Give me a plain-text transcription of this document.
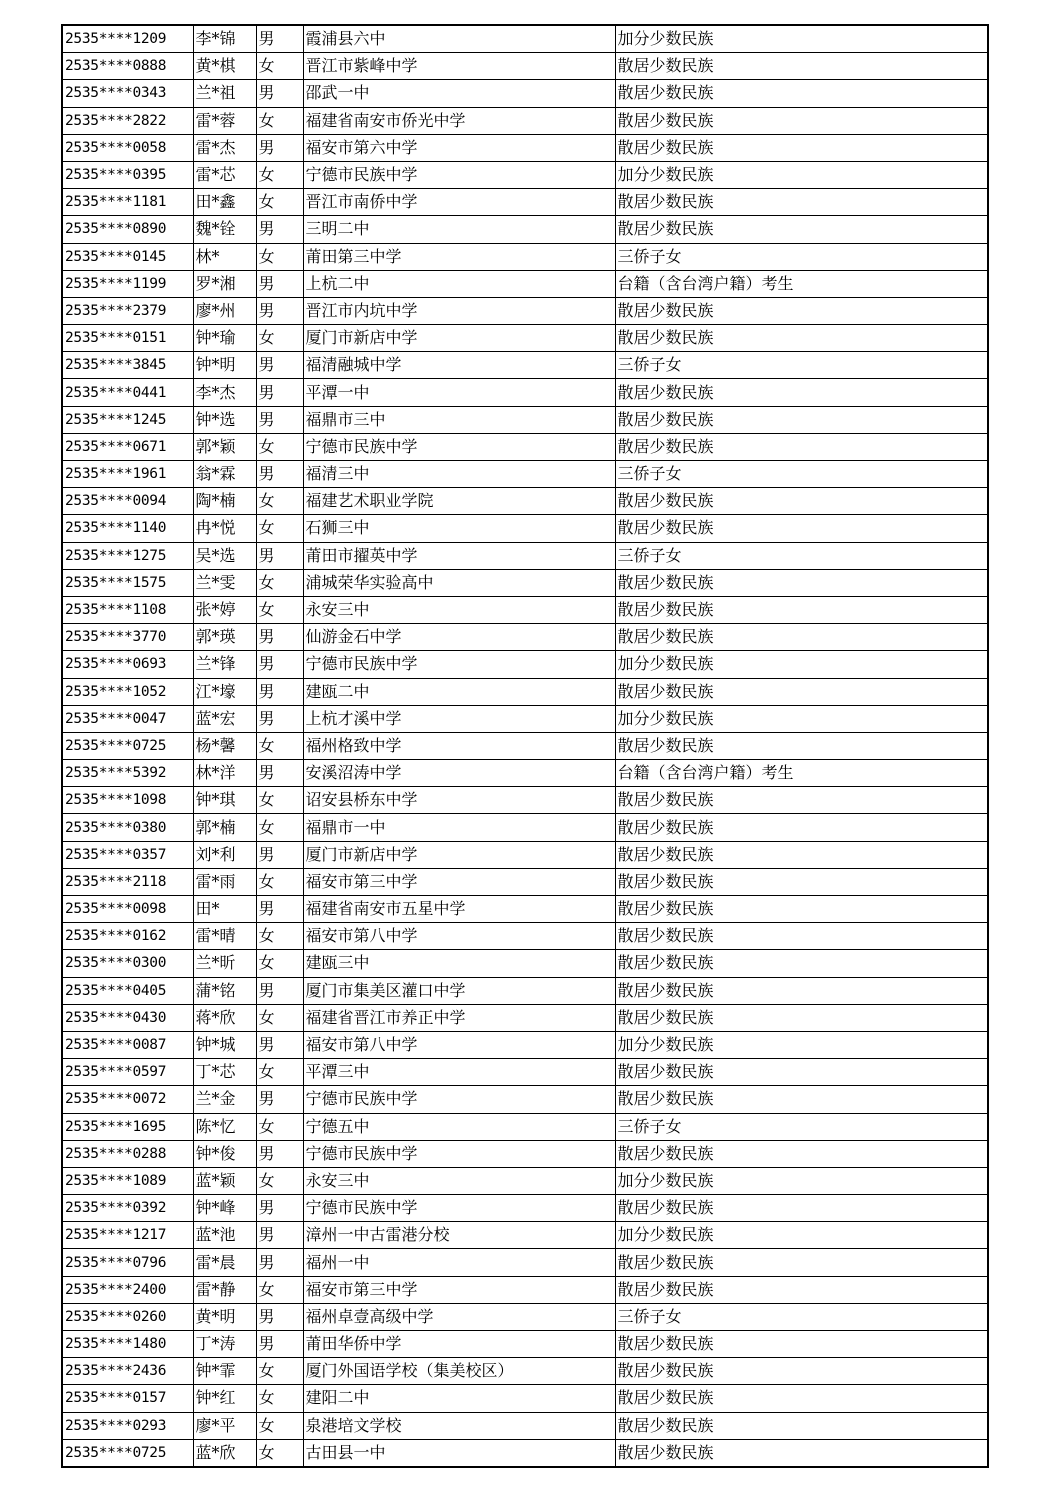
2535****1209	李*锦	男	霞浦县六中	加分少数民族
2535****0888	黄*棋	女	晋江市紫峰中学	散居少数民族
2535****0343	兰*祖	男	邵武一中	散居少数民族
2535****2822	雷*蓉	女	福建省南安市侨光中学	散居少数民族
2535****0058	雷*杰	男	福安市第六中学	散居少数民族
2535****0395	雷*芯	女	宁德市民族中学	加分少数民族
2535****1181	田*鑫	女	晋江市南侨中学	散居少数民族
2535****0890	魏*铨	男	三明二中	散居少数民族
2535****0145	林*	女	莆田第三中学	三侨子女
2535****1199	罗*湘	男	上杭二中	台籍（含台湾户籍）考生
2535****2379	廖*州	男	晋江市内坑中学	散居少数民族
2535****0151	钟*瑜	女	厦门市新店中学	散居少数民族
2535****3845	钟*明	男	福清融城中学	三侨子女
2535****0441	李*杰	男	平潭一中	散居少数民族
2535****1245	钟*选	男	福鼎市三中	散居少数民族
2535****0671	郭*颖	女	宁德市民族中学	散居少数民族
2535****1961	翁*霖	男	福清三中	三侨子女
2535****0094	陶*楠	女	福建艺术职业学院	散居少数民族
2535****1140	冉*悦	女	石狮三中	散居少数民族
2535****1275	吴*选	男	莆田市擢英中学	三侨子女
2535****1575	兰*雯	女	浦城荣华实验高中	散居少数民族
2535****1108	张*婷	女	永安三中	散居少数民族
2535****3770	郭*瑛	男	仙游金石中学	散居少数民族
2535****0693	兰*锋	男	宁德市民族中学	加分少数民族
2535****1052	江*壕	男	建瓯二中	散居少数民族
2535****0047	蓝*宏	男	上杭才溪中学	加分少数民族
2535****0725	杨*馨	女	福州格致中学	散居少数民族
2535****5392	林*洋	男	安溪沼涛中学	台籍（含台湾户籍）考生
2535****1098	钟*琪	女	诏安县桥东中学	散居少数民族
2535****0380	郭*楠	女	福鼎市一中	散居少数民族
2535****0357	刘*利	男	厦门市新店中学	散居少数民族
2535****2118	雷*雨	女	福安市第三中学	散居少数民族
2535****0098	田*	男	福建省南安市五星中学	散居少数民族
2535****0162	雷*晴	女	福安市第八中学	散居少数民族
2535****0300	兰*昕	女	建瓯三中	散居少数民族
2535****0405	蒲*铭	男	厦门市集美区灌口中学	散居少数民族
2535****0430	蒋*欣	女	福建省晋江市养正中学	散居少数民族
2535****0087	钟*城	男	福安市第八中学	加分少数民族
2535****0597	丁*芯	女	平潭三中	散居少数民族
2535****0072	兰*金	男	宁德市民族中学	散居少数民族
2535****1695	陈*忆	女	宁德五中	三侨子女
2535****0288	钟*俊	男	宁德市民族中学	散居少数民族
2535****1089	蓝*颖	女	永安三中	加分少数民族
2535****0392	钟*峰	男	宁德市民族中学	散居少数民族
2535****1217	蓝*池	男	漳州一中古雷港分校	加分少数民族
2535****0796	雷*晨	男	福州一中	散居少数民族
2535****2400	雷*静	女	福安市第三中学	散居少数民族
2535****0260	黄*明	男	福州卓壹高级中学	三侨子女
2535****1480	丁*涛	男	莆田华侨中学	散居少数民族
2535****2436	钟*霏	女	厦门外国语学校（集美校区）	散居少数民族
2535****0157	钟*红	女	建阳二中	散居少数民族
2535****0293	廖*平	女	泉港培文学校	散居少数民族
2535****0725	蓝*欣	女	古田县一中	散居少数民族
